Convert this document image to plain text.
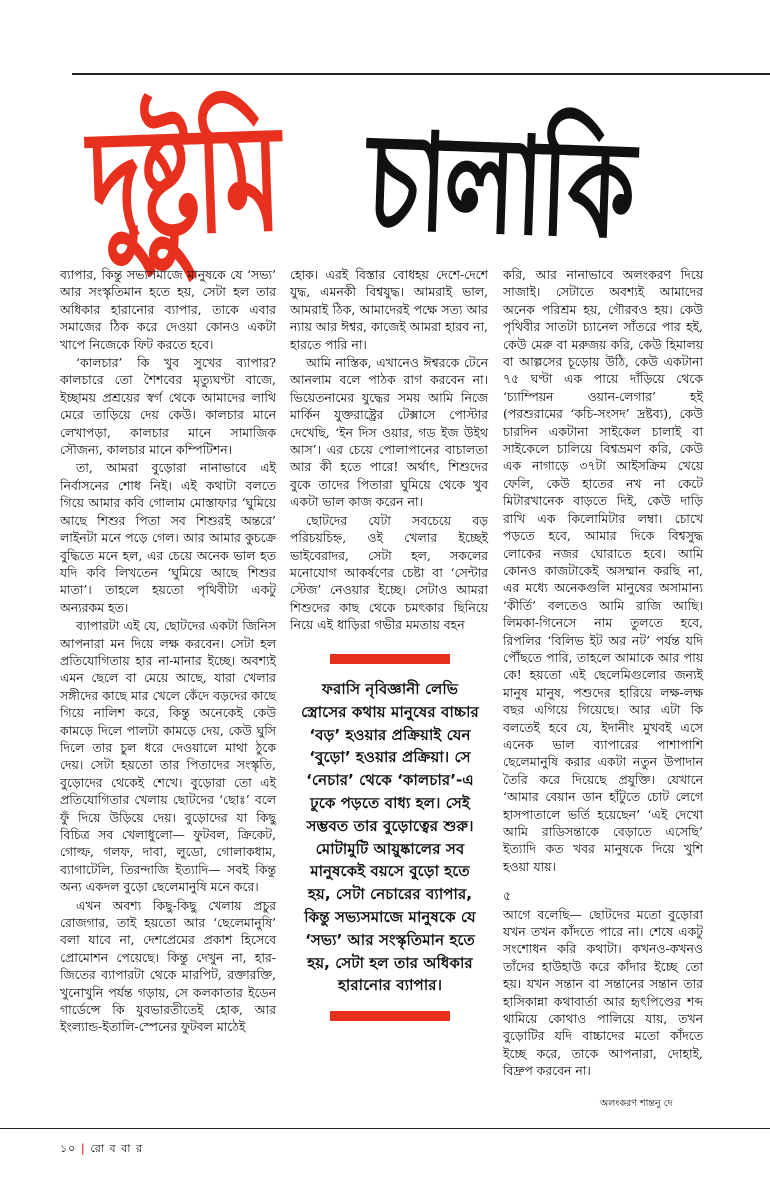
দুষ্টুমি চালাকি

ব্যাপার, কিন্তু সভ্যসমাজে মানুষকে যে ‘সভ্য’ আর সংস্কৃতিমান হতে হয়, সেটা হল তার অধিকার হারানোর ব্যাপার, তাকে এবার সমাজের ঠিক করে দেওয়া কোনও একটা খাপে নিজেকে ফিট করতে হবে।

‘কালচার’ কি খুব সুখের ব্যাপার? কালচারে তো শৈশবের মৃত্যুঘণ্টা বাজে, ইচ্ছাময় প্রশ্রয়ের স্বর্গ থেকে আমাদের লাথি মেরে তাড়িয়ে দেয় কেউ। কালচার মানে লেখাপড়া, কালচার মানে সামাজিক সৌজন্য, কালচার মানে কম্পিটিশন।

তা, আমরা বুড়োরা নানাভাবে এই নির্বাসনের শোধ নিই। এই কথাটা বলতে গিয়ে আমার কবি গোলাম মোস্তাফার ‘ঘুমিয়ে আছে শিশুর পিতা সব শিশুরই অন্তরে’ লাইনটা মনে পড়ে গেল। আর আমার কুচক্রে বুদ্ধিতে মনে হল, এর চেয়ে অনেক ভাল হত যদি কবি লিখতেন ‘ঘুমিয়ে আছে শিশুর মাতা’। তাহলে হয়তো পৃথিবীটা একটু অন্যরকম হত।

ব্যাপারটা এই যে, ছোটদের একটা জিনিস আপনারা মন দিয়ে লক্ষ করবেন। সেটা হল প্রতিযোগিতায় হার না-মানার ইচ্ছে। অবশ্যই এমন ছেলে বা মেয়ে আছে, যারা খেলার সঙ্গীদের কাছে মার খেলে কেঁদে বড়দের কাছে গিয়ে নালিশ করে, কিন্তু অনেকেই কেউ কামড়ে দিলে পালটা কামড়ে দেয়, কেউ ঘুসি দিলে তার চুল ধরে দেওয়ালে মাথা ঠুকে দেয়। সেটা হয়তো তার পিতাদের সংস্কৃতি, বুড়োদের থেকেই শেখে। বুড়োরা তো এই প্রতিযোগিতার খেলায় ছোটদের ‘ছোঃ’ বলে ফুঁ দিয়ে উড়িয়ে দেয়। বুড়োদের যা কিছু বিচিত্র সব খেলাধুলো— ফুটবল, ক্রিকেট, গোল্ফ, গলফ, দাবা, লুডো, গোলাকধাম, ব্যাগাটেলি, তিরন্দাজি ইত্যাদি— সবই কিন্তু অন্য একদল বুড়ো ছেলেমানুষি মনে করে।

এখন অবশ্য কিছু-কিছু খেলায় প্রচুর রোজগার, তাই হয়তো আর ‘ছেলেমানুষি’ বলা যাবে না, দেশপ্রেমের প্রকাশ হিসেবে প্রোমোশন পেয়েছে। কিন্তু দেখুন না, হার-জিতের ব্যাপারটা থেকে মারপিট, রক্তারক্তি, খুনোখুনি পর্যন্ত গড়ায়, সে কলকাতার ইডেন গার্ডেন্সে কি যুবভারতীতেই হোক, আর ইংল্যান্ড-ইতালি-স্পেনের ফুটবল মাঠেই

হোক। এরই বিস্তার বোধহয় দেশে-দেশে যুদ্ধ, এমনকী বিশ্বযুদ্ধ। আমরাই ভাল, আমরাই ঠিক, আমাদেরই পক্ষে সত্য আর ন্যায় আর ঈশ্বর, কাজেই আমরা হারব না, হারতে পারি না।

আমি নাস্তিক, এখানেও ঈশ্বরকে টেনে আনলাম বলে পাঠক রাগ করবেন না। ভিয়েতনামের যুদ্ধের সময় আমি নিজে মার্কিন যুক্তরাষ্ট্রের টেক্সাসে পোস্টার দেখেছি, ‘ইন দিস ওয়ার, গড ইজ উইথ আস’। এর চেয়ে পোলাপানের বাচালতা আর কী হতে পারে! অর্থাৎ, শিশুদের বুকে তাদের পিতারা ঘুমিয়ে থেকে খুব একটা ভাল কাজ করেন না।

ছোটদের যেটা সবচেয়ে বড় পরিচয়চিহ্ন, ওই খেলার ইচ্ছেই ভাইবেরাদর, সেটা হল, সকলের মনোযোগ আকর্ষণের চেষ্টা বা ‘সেন্টার স্টেজ’ নেওয়ার ইচ্ছে। সেটাও আমরা শিশুদের কাছ থেকে চমৎকার ছিনিয়ে নিয়ে এই ধাড়িরা গভীর মমতায় বহন

ফরাসি নৃবিজ্ঞানী লেভি স্ত্রোসের কথায় মানুষের বাচ্চার ‘বড়’ হওয়ার প্রক্রিয়াই যেন ‘বুড়ো’ হওয়ার প্রক্রিয়া। সে ‘নেচার’ থেকে ‘কালচার’-এ ঢুকে পড়তে বাধ্য হল। সেই সম্ভবত তার বুড়োত্বের শুরু। মোটামুটি আয়ুষ্কালের সব মানুষকেই বয়সে বুড়ো হতে হয়, সেটা নেচারের ব্যাপার, কিন্তু সভ্যসমাজে মানুষকে যে ‘সভ্য’ আর সংস্কৃতিমান হতে হয়, সেটা হল তার অধিকার হারানোর ব্যাপার।

করি, আর নানাভাবে অলংকরণ দিয়ে সাজাই। সেটাতে অবশ্যই আমাদের অনেক পরিশ্রম হয়, গৌরবও হয়। কেউ পৃথিবীর সাতটা চ্যানেল সাঁতরে পার হই, কেউ মেরু বা মরুজয় করি, কেউ হিমালয় বা আল্পসের চূড়োয় উঠি, কেউ একটানা ৭৫ ঘণ্টা এক পায়ে দাঁড়িয়ে থেকে ‘চ্যাম্পিয়ন ওয়ান-লেগার’ হই (পরশুরামের ‘কচি-সংসদ’ দ্রষ্টব্য), কেউ চারদিন একটানা সাইকেল চালাই বা সাইকেলে চালিয়ে বিশ্বভ্রমণ করি, কেউ এক নাগাড়ে ৩৭টা আইসক্রিম খেয়ে ফেলি, কেউ হাতের নখ না কেটে মিটারখানেক বাড়তে দিই, কেউ দাড়ি রাখি এক কিলোমিটার লম্বা। চোখে পড়তে হবে, আমার দিকে বিশ্বসুদ্ধ লোকের নজর ঘোরাতে হবে। আমি কোনও কাজটাকেই অসম্মান করছি না, এর মধ্যে অনেকগুলি মানুষের অসামান্য ‘কীর্তি’ বলতেও আমি রাজি আছি। লিমকা-গিনেসে নাম তুলতে হবে, রিপলির ‘বিলিভ ইট অর নট’ পর্যন্ত যদি পৌঁছতে পারি, তাহলে আমাকে আর পায় কে! হয়তো এই ছেলেমিগুলোর জন্যই মানুষ মানুষ, পশুদের হারিয়ে লক্ষ-লক্ষ বছর এগিয়ে গিয়েছে। আর এটা কি বলতেই হবে যে, ইদানীং মুখবই এসে এনেক ভাল ব্যাপারের পাশাপাশি ছেলেমানুষি করার একটা নতুন উপাদান তৈরি করে দিয়েছে প্রযুক্তি। যেখানে ‘আমার বেয়ান ডান হাঁটুতে চোট লেগে হাসপাতালে ভর্তি হয়েছেন’ ‘এই দেখো আমি রাডিসন্তাকে বেড়াতে এসেছি’ ইত্যাদি কত খবর মানুষকে দিয়ে খুশি হওয়া যায়।

৫

আগে বলেছি— ছোটদের মতো বুড়োরা যখন তখন কাঁদতে পারে না। শেষে একটু সংশোধন করি কথাটা। কখনও-কখনও তাঁদের হাউহাউ করে কাঁদার ইচ্ছে তো হয়। যখন সন্তান বা সন্তানের সন্তান তার হাসিকান্না কথাবার্তা আর হৃৎপিণ্ডের শব্দ থামিয়ে কোথাও পালিয়ে যায়, তখন বুড়োটির যদি বাচ্চাদের মতো কাঁদতে ইচ্ছে করে, তাকে আপনারা, দোহাই, বিদ্রুপ করবেন না।

অলংকরণ শান্তনু দে
১০ | রো ব বা র
